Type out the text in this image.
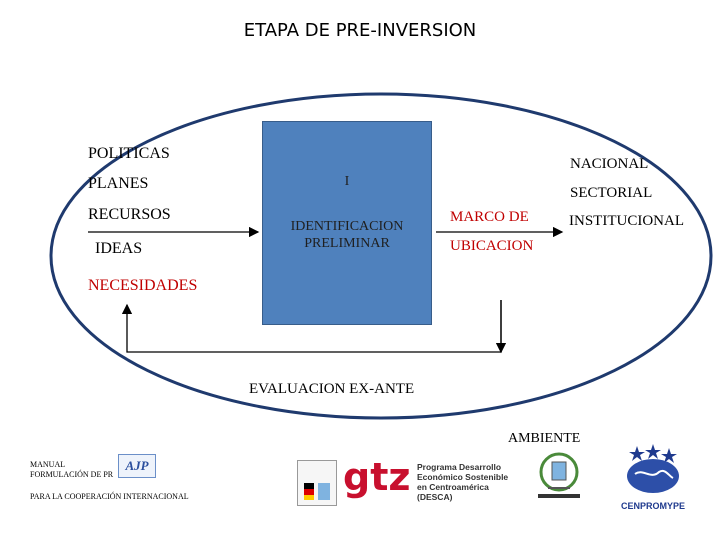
ETAPA DE PRE-INVERSION
I
IDENTIFICACION PRELIMINAR
POLITICAS
PLANES
RECURSOS
IDEAS
NECESIDADES
MARCO DE
UBICACION
NACIONAL
SECTORIAL
INSTITUCIONAL
EVALUACION EX-ANTE
AMBIENTE
MANUAL
FORMULACIÓN DE PR
AJP
PARA LA COOPERACIÓN INTERNACIONAL	gtz Programa Desarrollo
Económico Sostenible
en Centroamérica
(DESCA)
CENPROMYPE
